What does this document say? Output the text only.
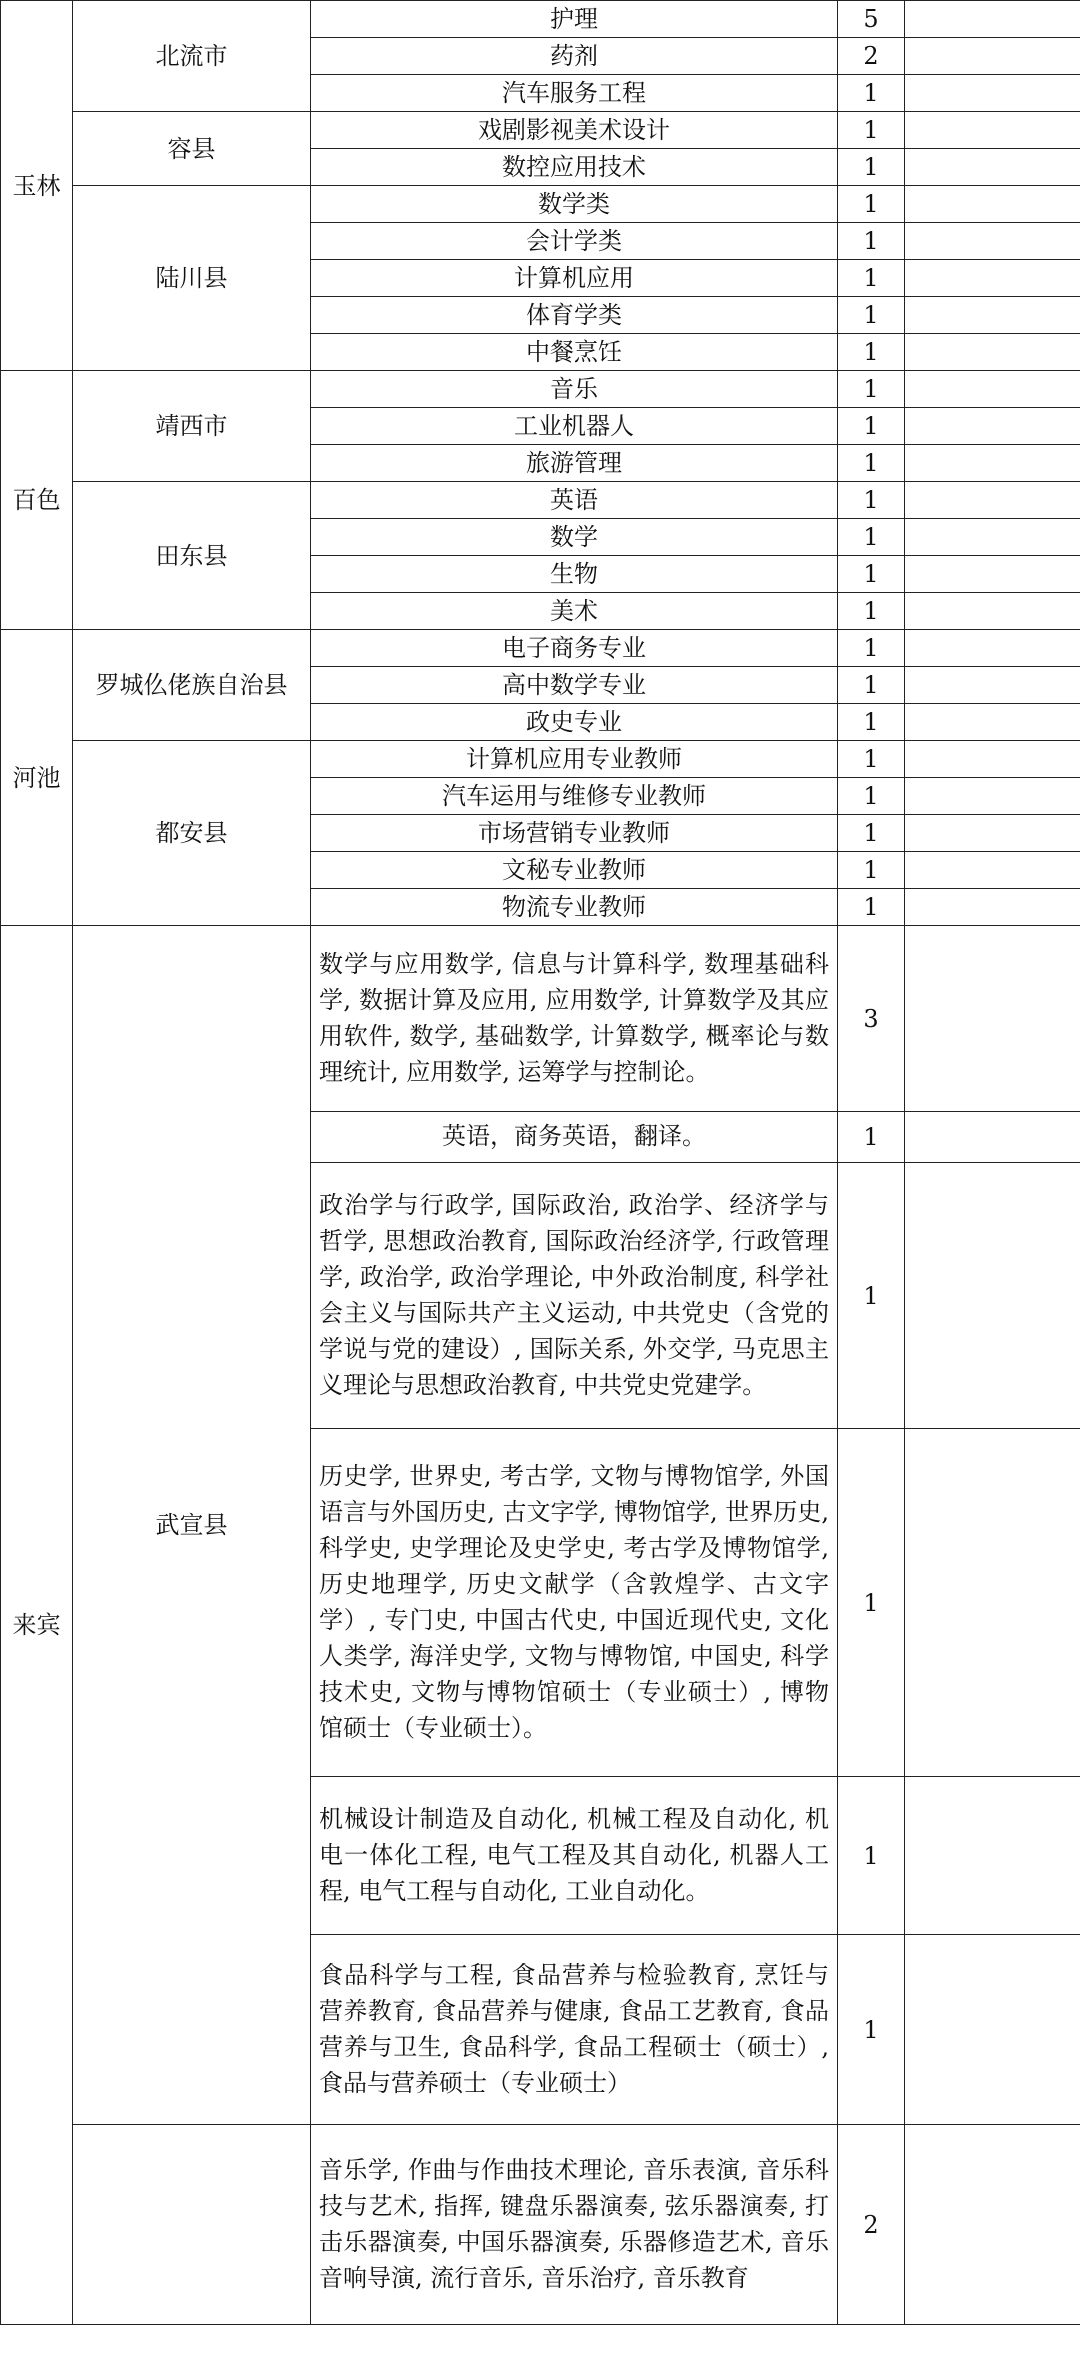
玉林	北流市	护理	5	
		药剂	2	
		汽车服务工程	1	
	容县	戏剧影视美术设计	1	
		数控应用技术	1	
	陆川县	数学类	1	
		会计学类	1	
		计算机应用	1	
		体育学类	1	
		中餐烹饪	1	
百色	靖西市	音乐	1	
		工业机器人	1	
		旅游管理	1	
	田东县	英语	1	
		数学	1	
		生物	1	
		美术	1	
河池	罗城仫佬族自治县	电子商务专业	1	
		高中数学专业	1	
		政史专业	1	
	都安县	计算机应用专业教师	1	
		汽车运用与维修专业教师	1	
		市场营销专业教师	1	
		文秘专业教师	1	
		物流专业教师	1	
来宾	武宣县	数学与应用数学, 信息与计算科学, 数理基础科学, 数据计算及应用, 应用数学, 计算数学及其应用软件, 数学, 基础数学, 计算数学, 概率论与数理统计, 应用数学, 运筹学与控制论。	3	
		英语，商务英语，翻译。	1	
		政治学与行政学, 国际政治, 政治学、经济学与哲学, 思想政治教育, 国际政治经济学, 行政管理学, 政治学, 政治学理论, 中外政治制度, 科学社会主义与国际共产主义运动, 中共党史（含党的学说与党的建设）, 国际关系, 外交学, 马克思主义理论与思想政治教育, 中共党史党建学。	1	
		历史学, 世界史, 考古学, 文物与博物馆学, 外国语言与外国历史, 古文字学, 博物馆学, 世界历史, 科学史, 史学理论及史学史, 考古学及博物馆学, 历史地理学, 历史文献学（含敦煌学、古文字学）, 专门史, 中国古代史, 中国近现代史, 文化人类学, 海洋史学, 文物与博物馆, 中国史, 科学技术史, 文物与博物馆硕士（专业硕士）, 博物馆硕士（专业硕士）。	1	
		机械设计制造及自动化, 机械工程及自动化, 机电一体化工程, 电气工程及其自动化, 机器人工程, 电气工程与自动化, 工业自动化。	1	
		食品科学与工程, 食品营养与检验教育, 烹饪与营养教育, 食品营养与健康, 食品工艺教育, 食品营养与卫生, 食品科学, 食品工程硕士（硕士）, 食品与营养硕士（专业硕士）	1	
		音乐学, 作曲与作曲技术理论, 音乐表演, 音乐科技与艺术, 指挥, 键盘乐器演奏, 弦乐器演奏, 打击乐器演奏, 中国乐器演奏, 乐器修造艺术, 音乐音响导演, 流行音乐, 音乐治疗, 音乐教育	2	
